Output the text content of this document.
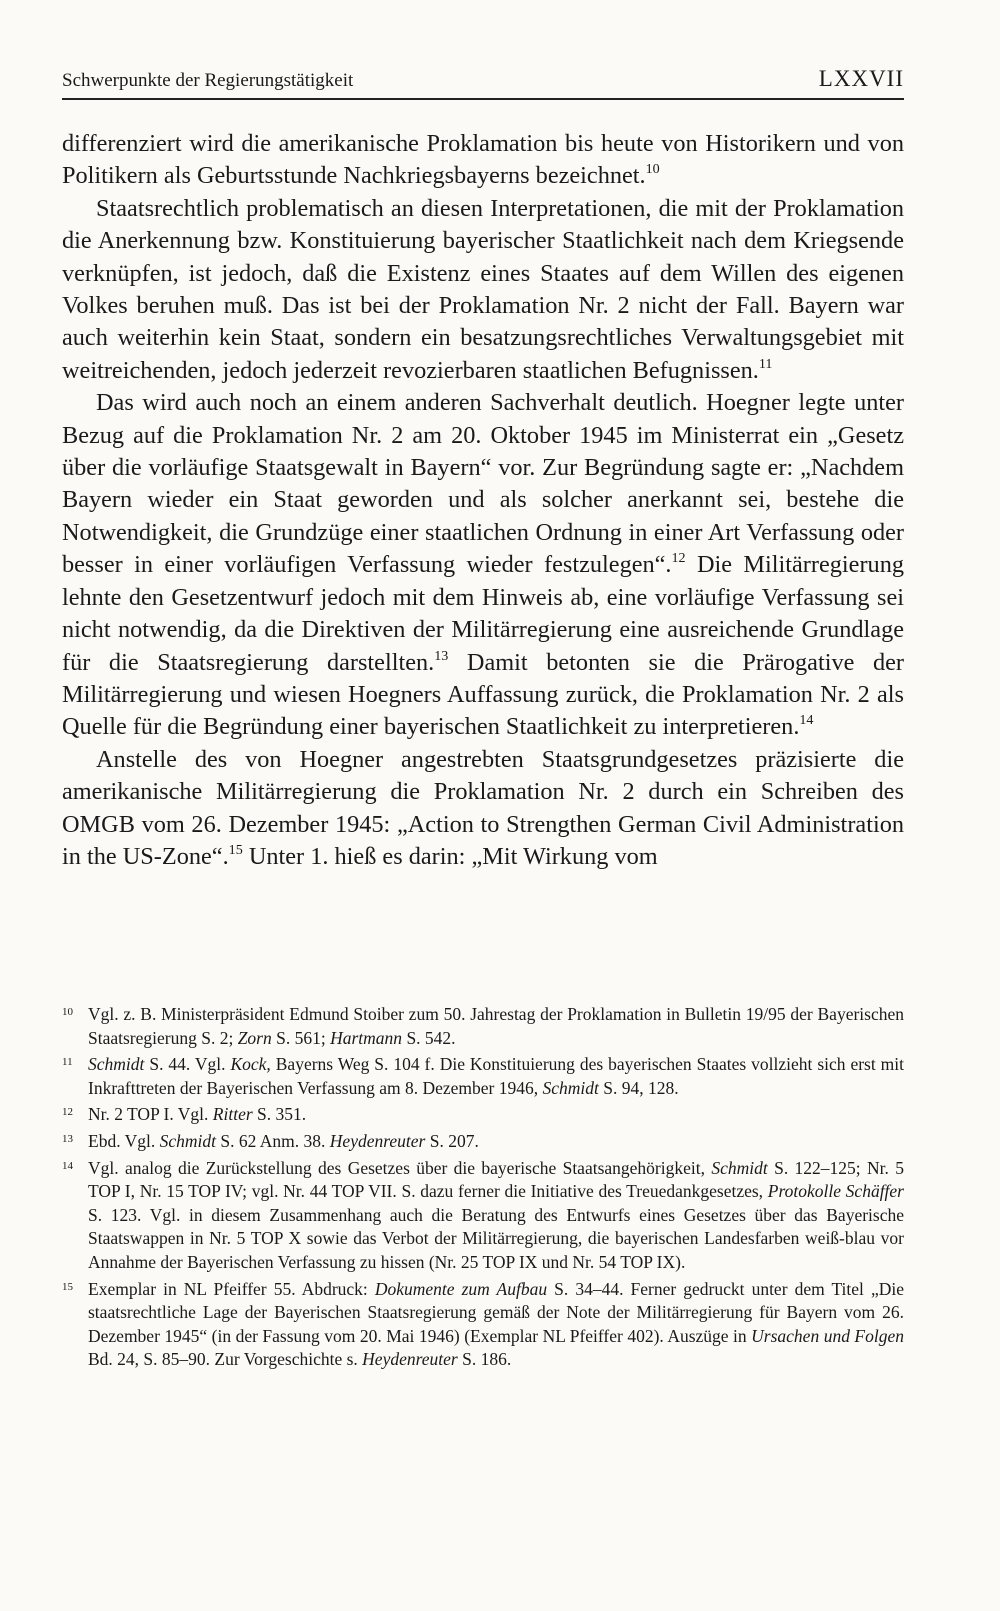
Schwerpunkte der Regierungstätigkeit	LXXVII

differenziert wird die amerikanische Proklamation bis heute von Historikern und von Politikern als Geburtsstunde Nachkriegsbayerns bezeichnet.$^{10}$

Staatsrechtlich problematisch an diesen Interpretationen, die mit der Proklamation die Anerkennung bzw. Konstituierung bayerischer Staatlichkeit nach dem Kriegsende verknüpfen, ist jedoch, daß die Existenz eines Staates auf dem Willen des eigenen Volkes beruhen muß. Das ist bei der Proklamation Nr. 2 nicht der Fall. Bayern war auch weiterhin kein Staat, sondern ein besatzungsrechtliches Verwaltungsgebiet mit weitreichenden, jedoch jederzeit revozierbaren staatlichen Befugnissen.$^{11}$

Das wird auch noch an einem anderen Sachverhalt deutlich. Hoegner legte unter Bezug auf die Proklamation Nr. 2 am 20. Oktober 1945 im Ministerrat ein „Gesetz über die vorläufige Staatsgewalt in Bayern“ vor. Zur Begründung sagte er: „Nachdem Bayern wieder ein Staat geworden und als solcher anerkannt sei, bestehe die Notwendigkeit, die Grundzüge einer staatlichen Ordnung in einer Art Verfassung oder besser in einer vorläufigen Verfassung wieder festzulegen“.$^{12}$ Die Militärregierung lehnte den Gesetzentwurf jedoch mit dem Hinweis ab, eine vorläufige Verfassung sei nicht notwendig, da die Direktiven der Militärregierung eine ausreichende Grundlage für die Staatsregierung darstellten.$^{13}$ Damit betonten sie die Prärogative der Militärregierung und wiesen Hoegners Auffassung zurück, die Proklamation Nr. 2 als Quelle für die Begründung einer bayerischen Staatlichkeit zu interpretieren.$^{14}$

Anstelle des von Hoegner angestrebten Staatsgrundgesetzes präzisierte die amerikanische Militärregierung die Proklamation Nr. 2 durch ein Schreiben des OMGB vom 26. Dezember 1945: „Action to Strengthen German Civil Administration in the US-Zone“.$^{15}$ Unter 1. hieß es darin: „Mit Wirkung vom

10 Vgl. z. B. Ministerpräsident Edmund Stoiber zum 50. Jahrestag der Proklamation in Bulletin 19/95 der Bayerischen Staatsregierung S. 2; Zorn S. 561; Hartmann S. 542.
11 Schmidt S. 44. Vgl. Kock, Bayerns Weg S. 104 f. Die Konstituierung des bayerischen Staates vollzieht sich erst mit Inkrafttreten der Bayerischen Verfassung am 8. Dezember 1946, Schmidt S. 94, 128.
12 Nr. 2 TOP I. Vgl. Ritter S. 351.
13 Ebd. Vgl. Schmidt S. 62 Anm. 38. Heydenreuter S. 207.
14 Vgl. analog die Zurückstellung des Gesetzes über die bayerische Staatsangehörigkeit, Schmidt S. 122–125; Nr. 5 TOP I, Nr. 15 TOP IV; vgl. Nr. 44 TOP VII. S. dazu ferner die Initiative des Treuedankgesetzes, Protokolle Schäffer S. 123. Vgl. in diesem Zusammenhang auch die Beratung des Entwurfs eines Gesetzes über das Bayerische Staatswappen in Nr. 5 TOP X sowie das Verbot der Militärregierung, die bayerischen Landesfarben weiß-blau vor Annahme der Bayerischen Verfassung zu hissen (Nr. 25 TOP IX und Nr. 54 TOP IX).
15 Exemplar in NL Pfeiffer 55. Abdruck: Dokumente zum Aufbau S. 34–44. Ferner gedruckt unter dem Titel „Die staatsrechtliche Lage der Bayerischen Staatsregierung gemäß der Note der Militärregierung für Bayern vom 26. Dezember 1945“ (in der Fassung vom 20. Mai 1946) (Exemplar NL Pfeiffer 402). Auszüge in Ursachen und Folgen Bd. 24, S. 85–90. Zur Vorgeschichte s. Heydenreuter S. 186.
